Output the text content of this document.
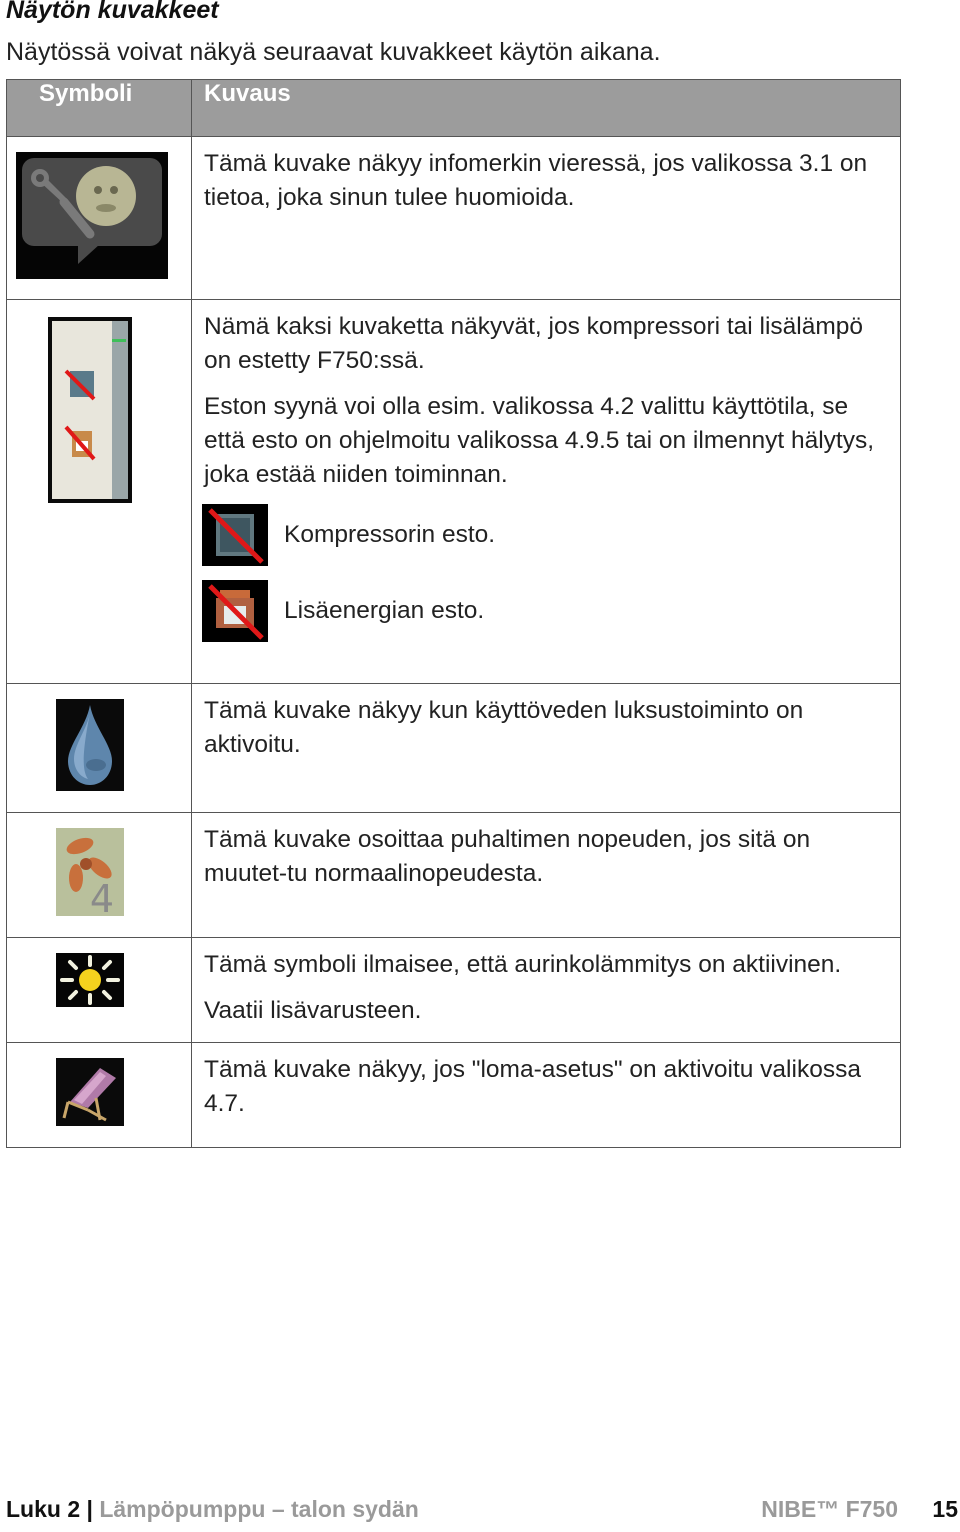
Näytön kuvakkeet
Näytössä voivat näkyä seuraavat kuvakkeet käytön aikana.
Symboli	Kuvaus

Tämä kuvake näkyy infomerkin vieressä, jos valikossa 3.1 on tietoa, joka sinun tulee huomioida.

Nämä kaksi kuvaketta näkyvät, jos kompressori tai lisälämpö on estetty F750:ssä.

Eston syynä voi olla esim. valikossa 4.2 valittu käyttötila, se että esto on ohjelmoitu valikossa 4.9.5 tai on ilmennyt hälytys, joka estää niiden toiminnan.

Kompressorin esto.
Lisäenergian esto.

Tämä kuvake näkyy kun käyttöveden luksustoiminto on aktivoitu.

4	Tämä kuvake osoittaa puhaltimen nopeuden, jos sitä on muutet-tu normaalinopeudesta.

Tämä symboli ilmaisee, että aurinkolämmitys on aktiivinen.

Vaatii lisävarusteen.

Tämä kuvake näkyy, jos "loma-asetus" on aktivoitu valikossa 4.7.

Luku 2 | Lämpöpumppu – talon sydän	NIBE™ F750 15
